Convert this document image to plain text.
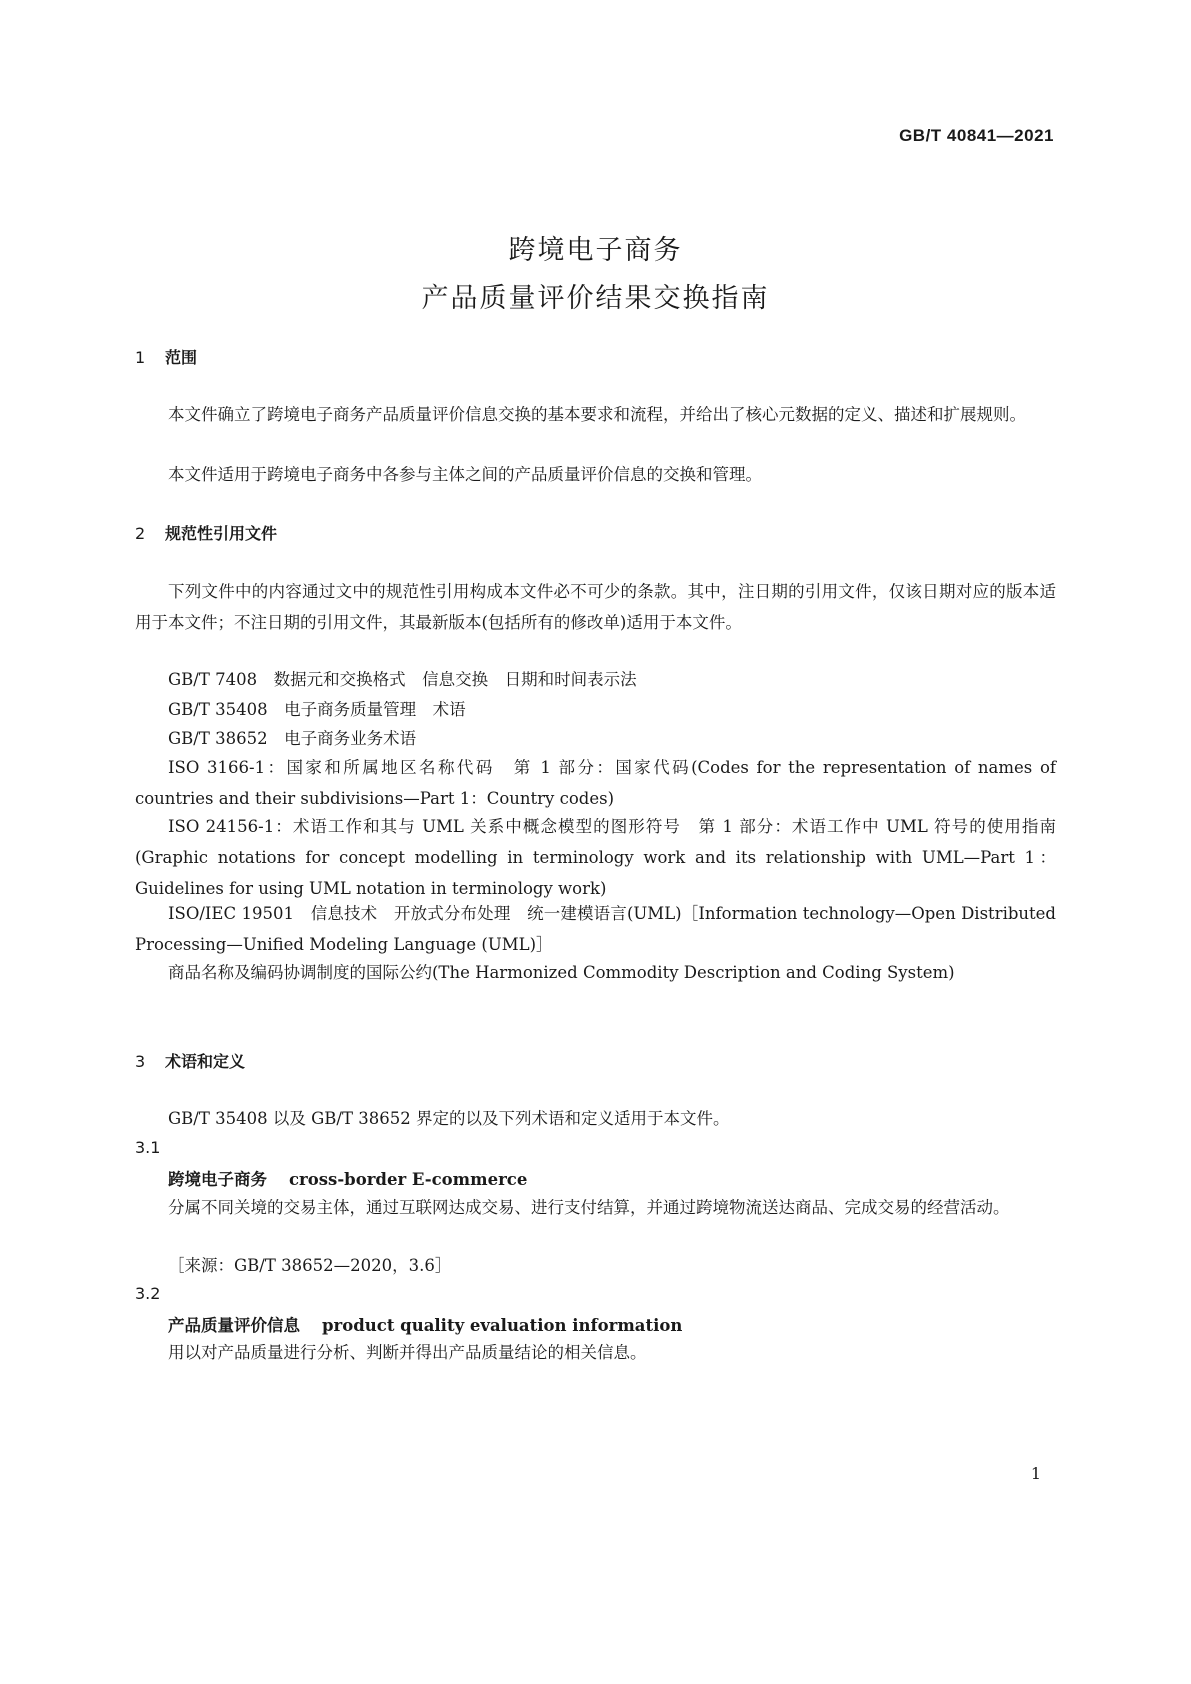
GB/T 40841—2021
跨境电子商务
产品质量评价结果交换指南
1 范围
本文件确立了跨境电子商务产品质量评价信息交换的基本要求和流程，并给出了核心元数据的定义、描述和扩展规则。
本文件适用于跨境电子商务中各参与主体之间的产品质量评价信息的交换和管理。
2 规范性引用文件
下列文件中的内容通过文中的规范性引用构成本文件必不可少的条款。其中，注日期的引用文件，仅该日期对应的版本适用于本文件；不注日期的引用文件，其最新版本(包括所有的修改单)适用于本文件。
GB/T 7408　数据元和交换格式　信息交换　日期和时间表示法
GB/T 35408　电子商务质量管理　术语
GB/T 38652　电子商务业务术语
ISO 3166-1：国家和所属地区名称代码　第 1 部分：国家代码(Codes for the representation of names of countries and their subdivisions—Part 1：Country codes)
ISO 24156-1：术语工作和其与 UML 关系中概念模型的图形符号　第 1 部分：术语工作中 UML 符号的使用指南(Graphic notations for concept modelling in terminology work and its relationship with UML—Part 1：Guidelines for using UML notation in terminology work)
ISO/IEC 19501　信息技术　开放式分布处理　统一建模语言(UML)［Information technology—Open Distributed Processing—Unified Modeling Language (UML)］
商品名称及编码协调制度的国际公约(The Harmonized Commodity Description and Coding System)
3 术语和定义
GB/T 35408 以及 GB/T 38652 界定的以及下列术语和定义适用于本文件。
3.1
跨境电子商务 cross-border E-commerce
分属不同关境的交易主体，通过互联网达成交易、进行支付结算，并通过跨境物流送达商品、完成交易的经营活动。
［来源：GB/T 38652—2020，3.6］
3.2
产品质量评价信息 product quality evaluation information
用以对产品质量进行分析、判断并得出产品质量结论的相关信息。
1
